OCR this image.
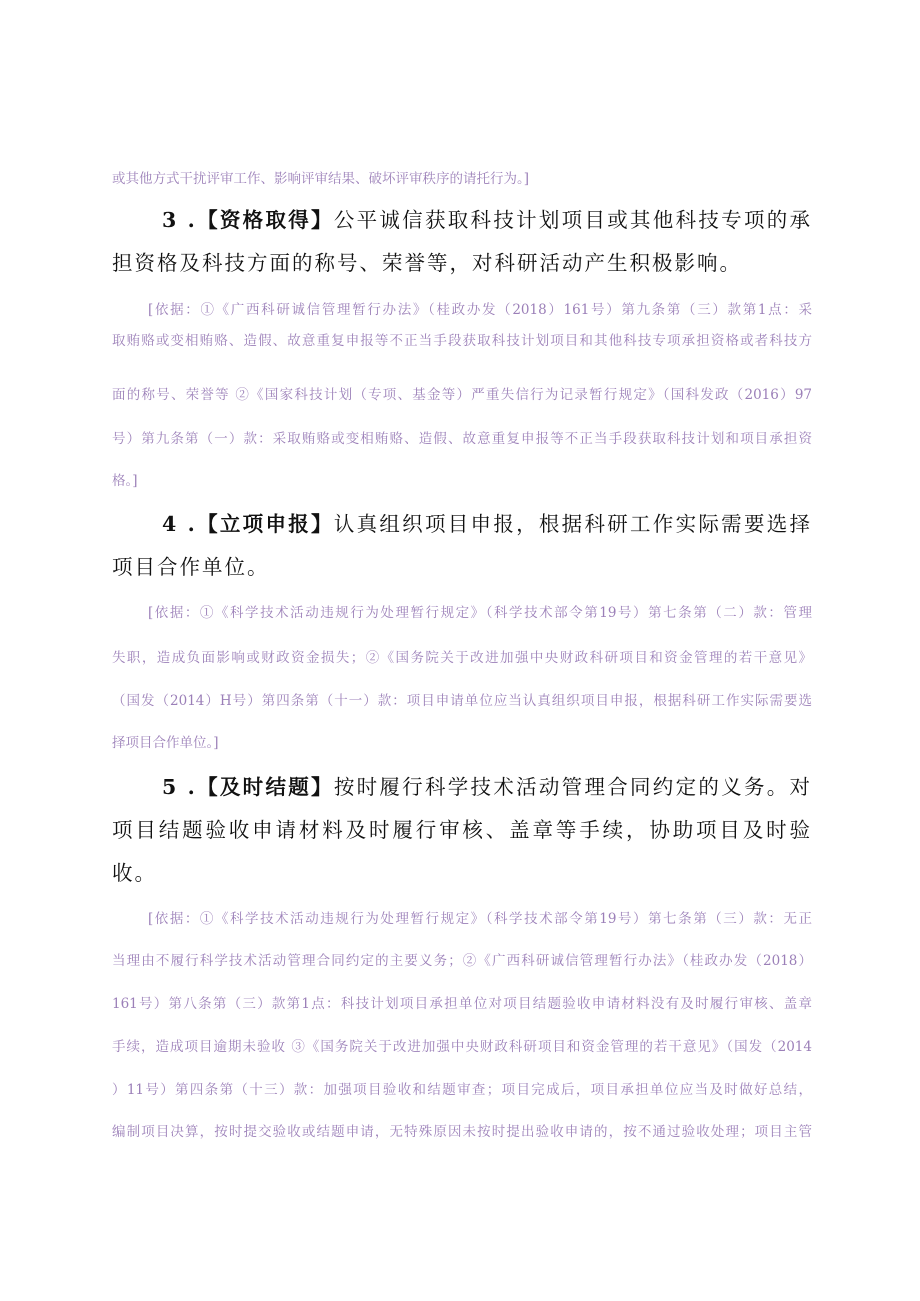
或其他方式干扰评审工作、影响评审结果、破坏评审秩序的请托行为。]
3 .【资格取得】公平诚信获取科技计划项目或其他科技专项的承
担资格及科技方面的称号、荣誉等，对科研活动产生积极影响。
[依据：①《广西科研诚信管理暂行办法》（桂政办发（2018）161号）第九条第（三）款第1点：采
取贿赂或变相贿赂、造假、故意重复申报等不正当手段获取科技计划项目和其他科技专项承担资格或者科技方
面的称号、荣誉等 ②《国家科技计划（专项、基金等）严重失信行为记录暂行规定》（国科发政（2016）97
号）第九条第（一）款：采取贿赂或变相贿赂、造假、故意重复申报等不正当手段获取科技计划和项目承担资
格。]
4 .【立项申报】认真组织项目申报，根据科研工作实际需要选择
项目合作单位。
[依据：①《科学技术活动违规行为处理暂行规定》（科学技术部令第19号）第七条第（二）款：管理
失职，造成负面影响或财政资金损失；②《国务院关于改进加强中央财政科研项目和资金管理的若干意见》
（国发（2014）H号）第四条第（十一）款：项目申请单位应当认真组织项目申报，根据科研工作实际需要选
择项目合作单位。]
5 .【及时结题】按时履行科学技术活动管理合同约定的义务。对
项目结题验收申请材料及时履行审核、盖章等手续，协助项目及时验
收。
[依据：①《科学技术活动违规行为处理暂行规定》（科学技术部令第19号）第七条第（三）款：无正
当理由不履行科学技术活动管理合同约定的主要义务；②《广西科研诚信管理暂行办法》（桂政办发（2018）
161号）第八条第（三）款第1点：科技计划项目承担单位对项目结题验收申请材料没有及时履行审核、盖章
手续，造成项目逾期未验收 ③《国务院关于改进加强中央财政科研项目和资金管理的若干意见》（国发（2014
）11号）第四条第（十三）款：加强项目验收和结题审查；项目完成后，项目承担单位应当及时做好总结，
编制项目决算，按时提交验收或结题申请，无特殊原因未按时提出验收申请的，按不通过验收处理；项目主管
